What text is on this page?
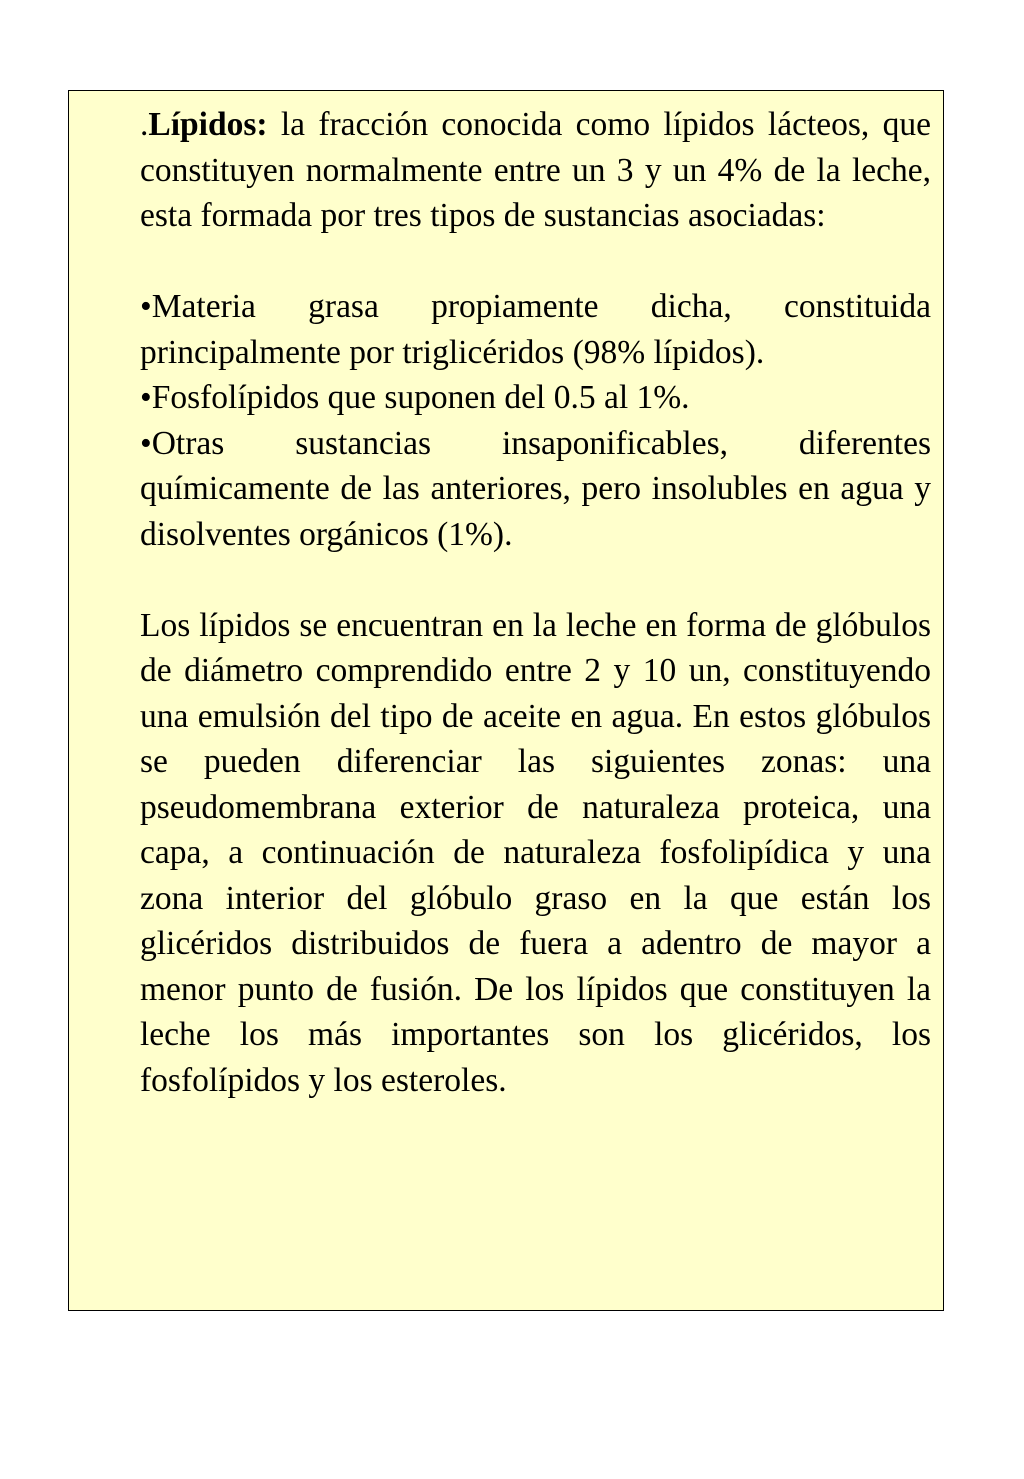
.Lípidos: la fracción conocida como lípidos lácteos, que constituyen normalmente entre un 3 y un 4% de la leche, esta formada por tres tipos de sustancias asociadas:

•Materia grasa propiamente dicha, constituida principalmente por triglicéridos (98% lípidos).

•Fosfolípidos que suponen del 0.5 al 1%.

•Otras sustancias insaponificables, diferentes químicamente de las anteriores, pero insolubles en agua y disolventes orgánicos (1%).

Los lípidos se encuentran en la leche en forma de glóbulos de diámetro comprendido entre 2 y 10 un, constituyendo una emulsión del tipo de aceite en agua. En estos glóbulos se pueden diferenciar las siguientes zonas: una pseudomembrana exterior de naturaleza proteica, una capa, a continuación de naturaleza fosfolipídica y una zona interior del glóbulo graso en la que están los glicéridos distribuidos de fuera a adentro de mayor a menor punto de fusión. De los lípidos que constituyen la leche los más importantes son los glicéridos, los fosfolípidos y los esteroles.
